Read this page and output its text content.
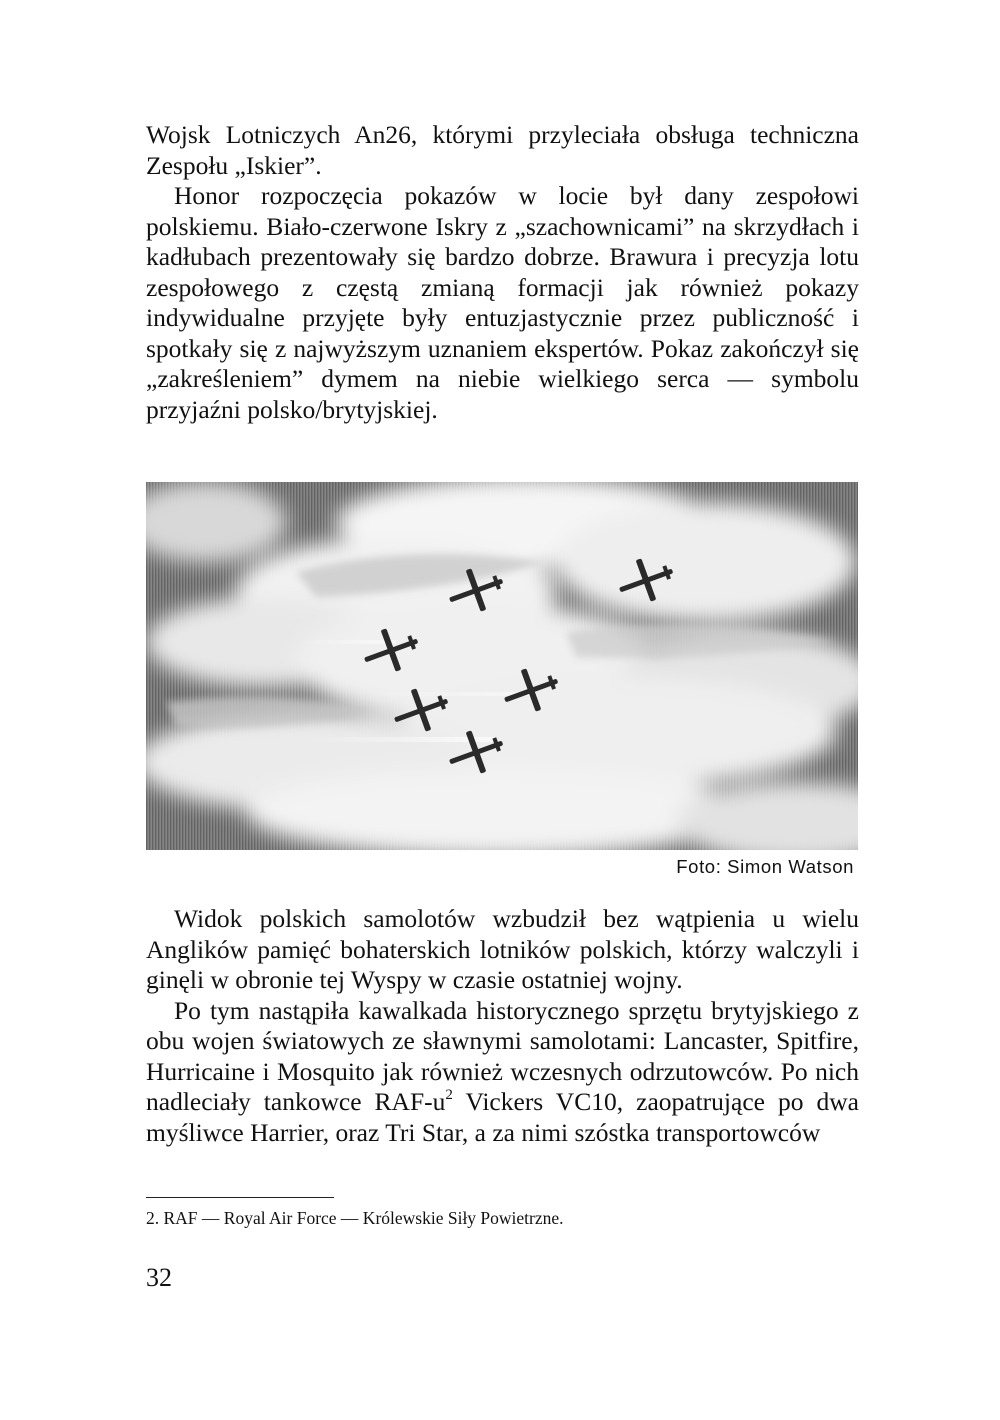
Wojsk Lotniczych An26, którymi przyleciała obsługa techniczna Zespołu „Iskier”.

Honor rozpoczęcia pokazów w locie był dany zespołowi polskiemu. Biało-czerwone Iskry z „szachownicami” na skrzydłach i kadłubach prezentowały się bardzo dobrze. Brawura i precyzja lotu zespołowego z częstą zmianą formacji jak również pokazy indywidualne przyjęte były entuzjastycznie przez publiczność i spotkały się z najwyższym uznaniem ekspertów. Pokaz zakończył się „zakreśleniem” dymem na niebie wielkiego serca — symbolu przyjaźni polsko/brytyjskiej.

Foto: Simon Watson

Widok polskich samolotów wzbudził bez wątpienia u wielu Anglików pamięć bohaterskich lotników polskich, którzy walczyli i ginęli w obronie tej Wyspy w czasie ostatniej wojny.

Po tym nastąpiła kawalkada historycznego sprzętu brytyjskiego z obu wojen światowych ze sławnymi samolotami: Lancaster, Spitfire, Hurricaine i Mosquito jak również wczesnych odrzutowców. Po nich nadleciały tankowce RAF-$u^2$ Vickers VC10, zaopatrujące po dwa myśliwce Harrier, oraz Tri Star, a za nimi szóstka transportowców

2. RAF — Royal Air Force — Królewskie Siły Powietrzne.
32
